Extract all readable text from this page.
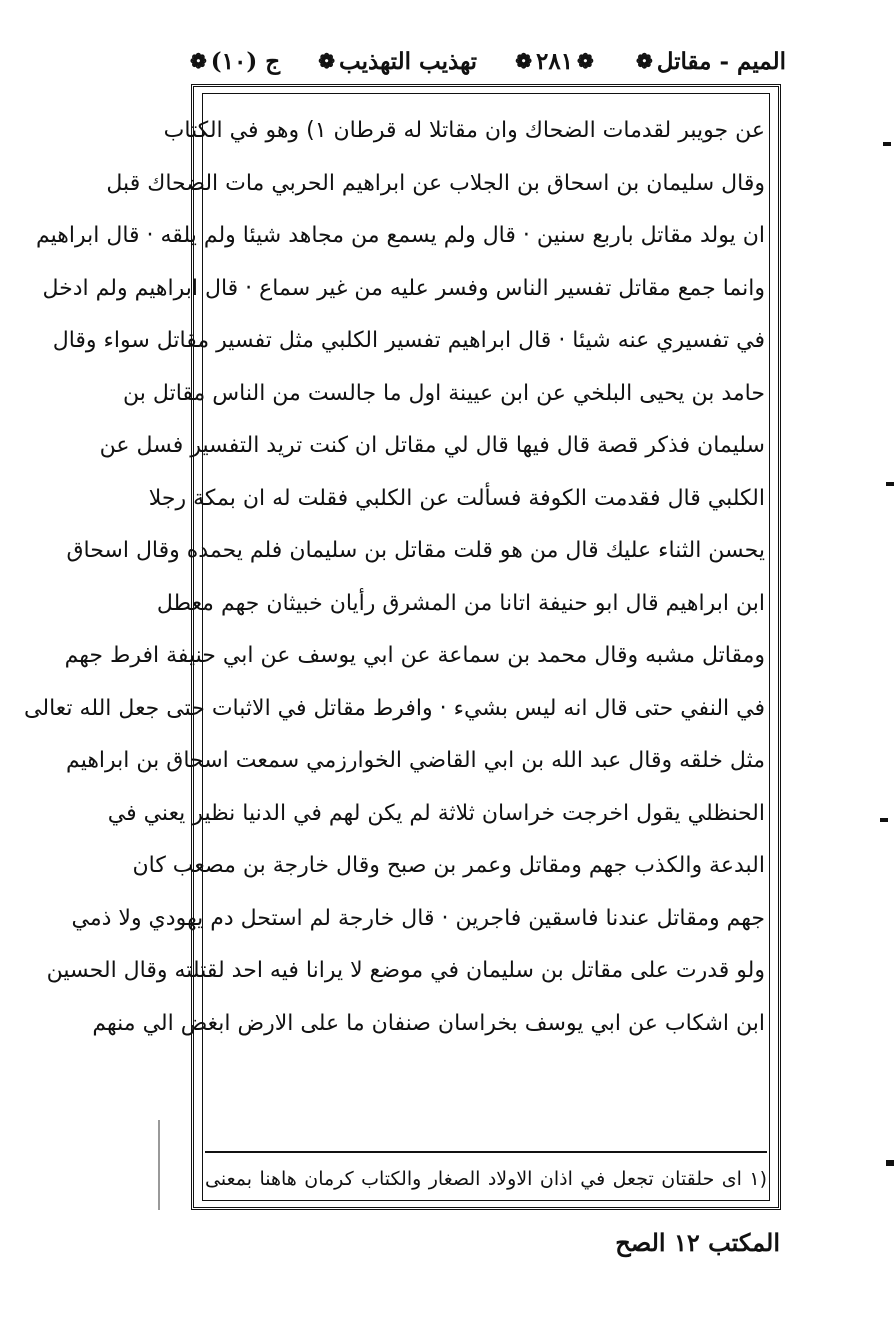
ج (١٠)
❁	تهذيب التهذيب
❁	❁
٢٨١
❁	الميم - مقاتل
❁
عن جويبر لقدمات الضحاك وان مقاتلا له قرطان ١) وهو في الكتاب
وقال سليمان بن اسحاق بن الجلاب عن ابراهيم الحربي مات الضحاك قبل
ان يولد مقاتل باربع سنين · قال ولم يسمع من مجاهد شيئا ولم يلقه · قال ابراهيم
وانما جمع مقاتل تفسير الناس وفسر عليه من غير سماع · قال ابراهيم ولم ادخل
في تفسيري عنه شيئا · قال ابراهيم تفسير الكلبي مثل تفسير مقاتل سواء وقال
حامد بن يحيى البلخي عن ابن عيينة اول ما جالست من الناس مقاتل بن
سليمان فذكر قصة قال فيها قال لي مقاتل ان كنت تريد التفسير فسل عن
الكلبي قال فقدمت الكوفة فسألت عن الكلبي فقلت له ان بمكة رجلا
يحسن الثناء عليك قال من هو قلت مقاتل بن سليمان فلم يحمده وقال اسحاق
ابن ابراهيم قال ابو حنيفة اتانا من المشرق رأيان خبيثان جهم معطل
ومقاتل مشبه وقال محمد بن سماعة عن ابي يوسف عن ابي حنيفة افرط جهم
في النفي حتى قال انه ليس بشيء · وافرط مقاتل في الاثبات حتى جعل الله تعالى
مثل خلقه وقال عبد الله بن ابي القاضي الخوارزمي سمعت اسحاق بن ابراهيم
الحنظلي يقول اخرجت خراسان ثلاثة لم يكن لهم في الدنيا نظير يعني في
البدعة والكذب جهم ومقاتل وعمر بن صبح وقال خارجة بن مصعب كان
جهم ومقاتل عندنا فاسقين فاجرين · قال خارجة لم استحل دم يهودي ولا ذمي
ولو قدرت على مقاتل بن سليمان في موضع لا يرانا فيه احد لقتلته وقال الحسين
ابن اشكاب عن ابي يوسف بخراسان صنفان ما على الارض ابغض الي منهم
(١ اى حلقتان تجعل في اذان الاولاد الصغار والكتاب كرمان هاهنا بمعنى
المكتب ١٢ الصح
